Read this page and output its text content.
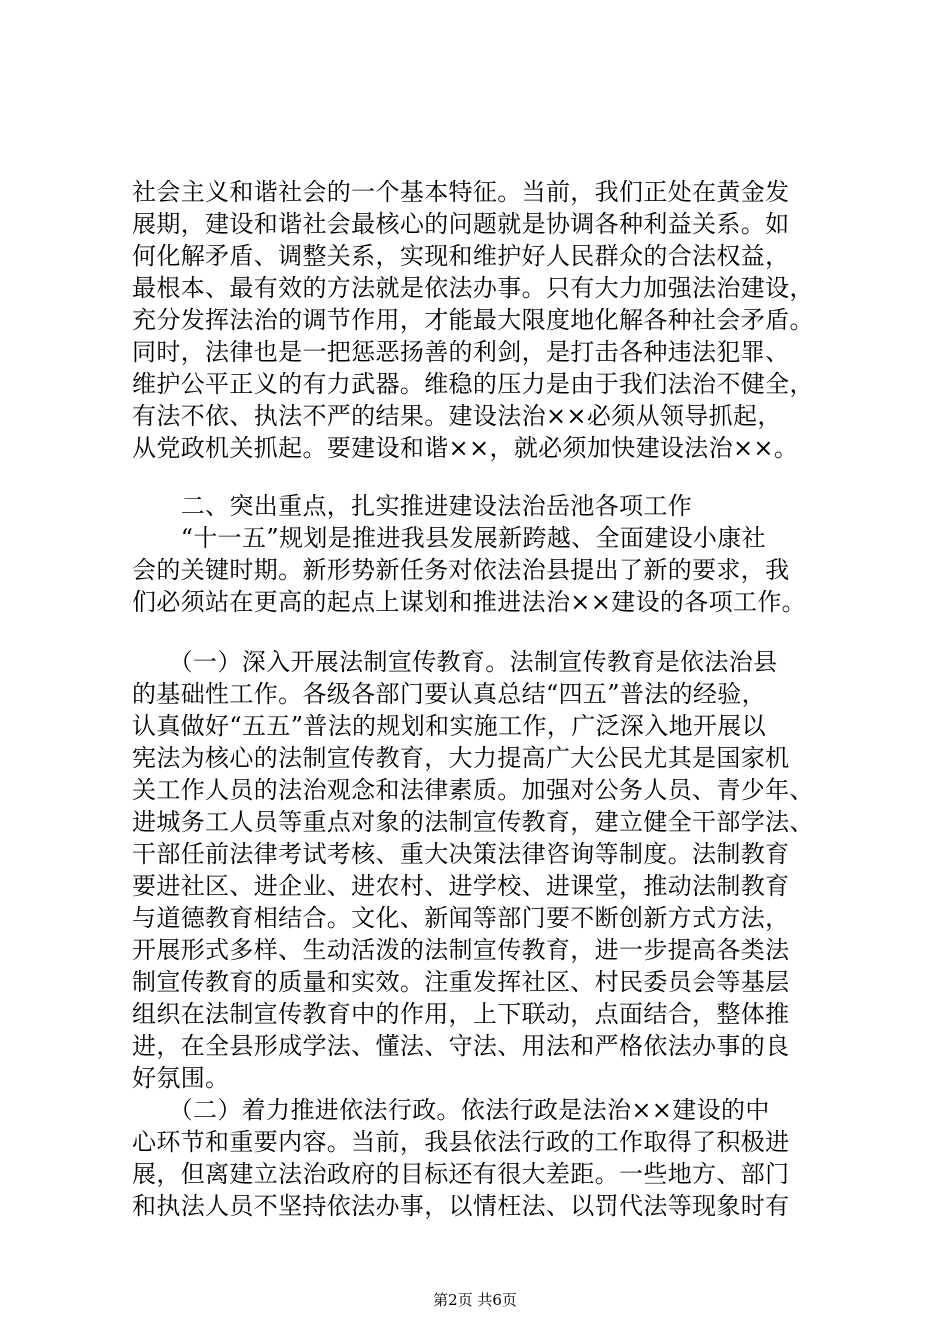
社会主义和谐社会的一个基本特征。当前，我们正处在黄金发
展期，建设和谐社会最核心的问题就是协调各种利益关系。如
何化解矛盾、调整关系，实现和维护好人民群众的合法权益，
最根本、最有效的方法就是依法办事。只有大力加强法治建设，
充分发挥法治的调节作用，才能最大限度地化解各种社会矛盾。
同时，法律也是一把惩恶扬善的利剑，是打击各种违法犯罪、
维护公平正义的有力武器。维稳的压力是由于我们法治不健全，
有法不依、执法不严的结果。建设法治××必须从领导抓起，
从党政机关抓起。要建设和谐××，就必须加快建设法治××。
　　二、突出重点，扎实推进建设法治岳池各项工作
　　“十一五”规划是推进我县发展新跨越、全面建设小康社
会的关键时期。新形势新任务对依法治县提出了新的要求，我
们必须站在更高的起点上谋划和推进法治××建设的各项工作。
　　（一）深入开展法制宣传教育。法制宣传教育是依法治县
的基础性工作。各级各部门要认真总结“四五”普法的经验，
认真做好“五五”普法的规划和实施工作，广泛深入地开展以
宪法为核心的法制宣传教育，大力提高广大公民尤其是国家机
关工作人员的法治观念和法律素质。加强对公务人员、青少年、
进城务工人员等重点对象的法制宣传教育，建立健全干部学法、
干部任前法律考试考核、重大决策法律咨询等制度。法制教育
要进社区、进企业、进农村、进学校、进课堂，推动法制教育
与道德教育相结合。文化、新闻等部门要不断创新方式方法，
开展形式多样、生动活泼的法制宣传教育，进一步提高各类法
制宣传教育的质量和实效。注重发挥社区、村民委员会等基层
组织在法制宣传教育中的作用，上下联动，点面结合，整体推
进，在全县形成学法、懂法、守法、用法和严格依法办事的良
好氛围。
　　（二）着力推进依法行政。依法行政是法治××建设的中
心环节和重要内容。当前，我县依法行政的工作取得了积极进
展，但离建立法治政府的目标还有很大差距。一些地方、部门
和执法人员不坚持依法办事，以情枉法、以罚代法等现象时有
第2页 共6页
